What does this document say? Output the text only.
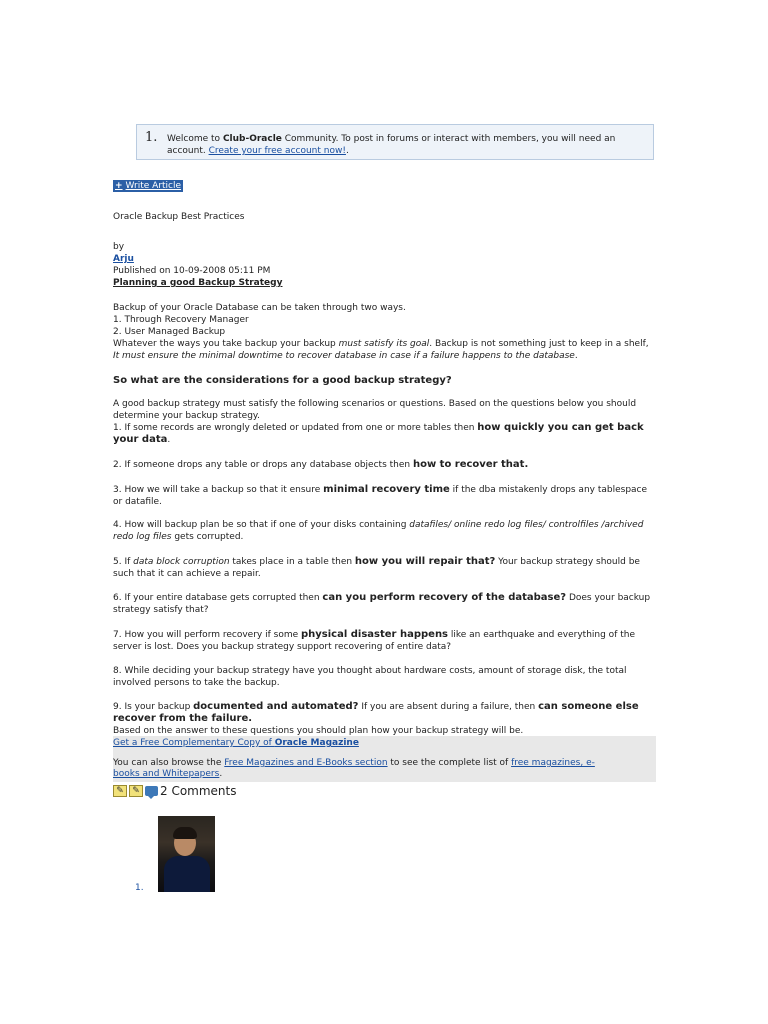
1. Welcome to Club-Oracle Community. To post in forums or interact with members, you will need an account. Create your free account now!.
+ Write Article
Oracle Backup Best Practices
by
Arju
Published on 10-09-2008 05:11 PM
Planning a good Backup Strategy
Backup of your Oracle Database can be taken through two ways.
1. Through Recovery Manager
2. User Managed Backup
Whatever the ways you take backup your backup must satisfy its goal. Backup is not something just to keep in a shelf, It must ensure the minimal downtime to recover database in case if a failure happens to the database.
So what are the considerations for a good backup strategy?
A good backup strategy must satisfy the following scenarios or questions. Based on the questions below you should determine your backup strategy.
1. If some records are wrongly deleted or updated from one or more tables then how quickly you can get back your data.
2. If someone drops any table or drops any database objects then how to recover that.
3. How we will take a backup so that it ensure minimal recovery time if the dba mistakenly drops any tablespace or datafile.
4. How will backup plan be so that if one of your disks containing datafiles/ online redo log files/ controlfiles /archived redo log files gets corrupted.
5. If data block corruption takes place in a table then how you will repair that? Your backup strategy should be such that it can achieve a repair.
6. If your entire database gets corrupted then can you perform recovery of the database? Does your backup strategy satisfy that?
7. How you will perform recovery if some physical disaster happens like an earthquake and everything of the server is lost. Does you backup strategy support recovering of entire data?
8. While deciding your backup strategy have you thought about hardware costs, amount of storage disk, the total involved persons to take the backup.
9. Is your backup documented and automated? If you are absent during a failure, then can someone else recover from the failure.
Based on the answer to these questions you should plan how your backup strategy will be.
Get a Free Complementary Copy of Oracle Magazine
You can also browse the Free Magazines and E-Books section to see the complete list of free magazines, e-books and Whitepapers.
✎ ✎ 2 Comments
1.
